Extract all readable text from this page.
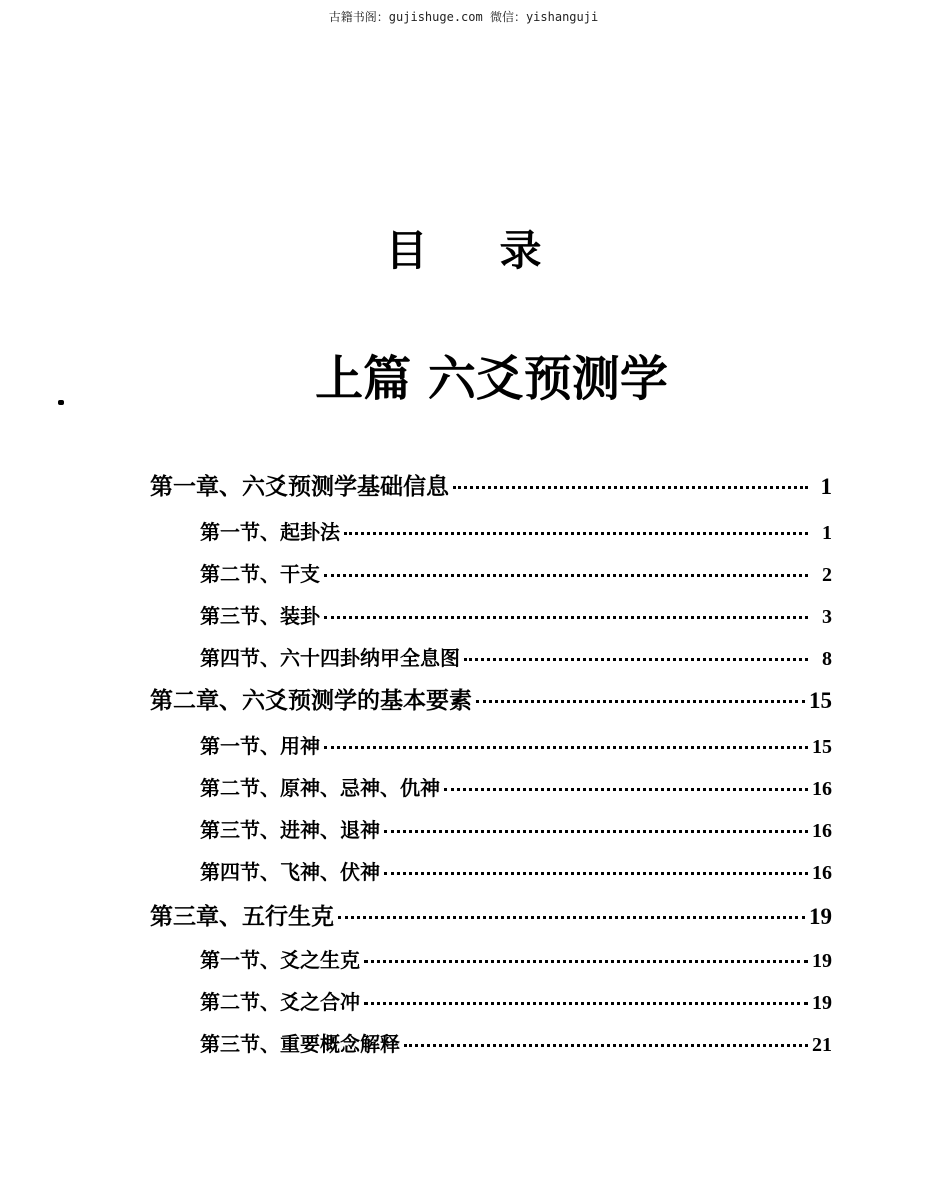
古籍书阁：gujishuge.com 微信：yishanguji
目录
上篇 六爻预测学
第一章、六爻预测学基础信息	1
第一节、起卦法	1
第二节、干支	2
第三节、装卦	3
第四节、六十四卦纳甲全息图	8
第二章、六爻预测学的基本要素	15
第一节、用神	15
第二节、原神、忌神、仇神	16
第三节、进神、退神	16
第四节、飞神、伏神	16
第三章、五行生克	19
第一节、爻之生克	19
第二节、爻之合冲	19
第三节、重要概念解释	21
